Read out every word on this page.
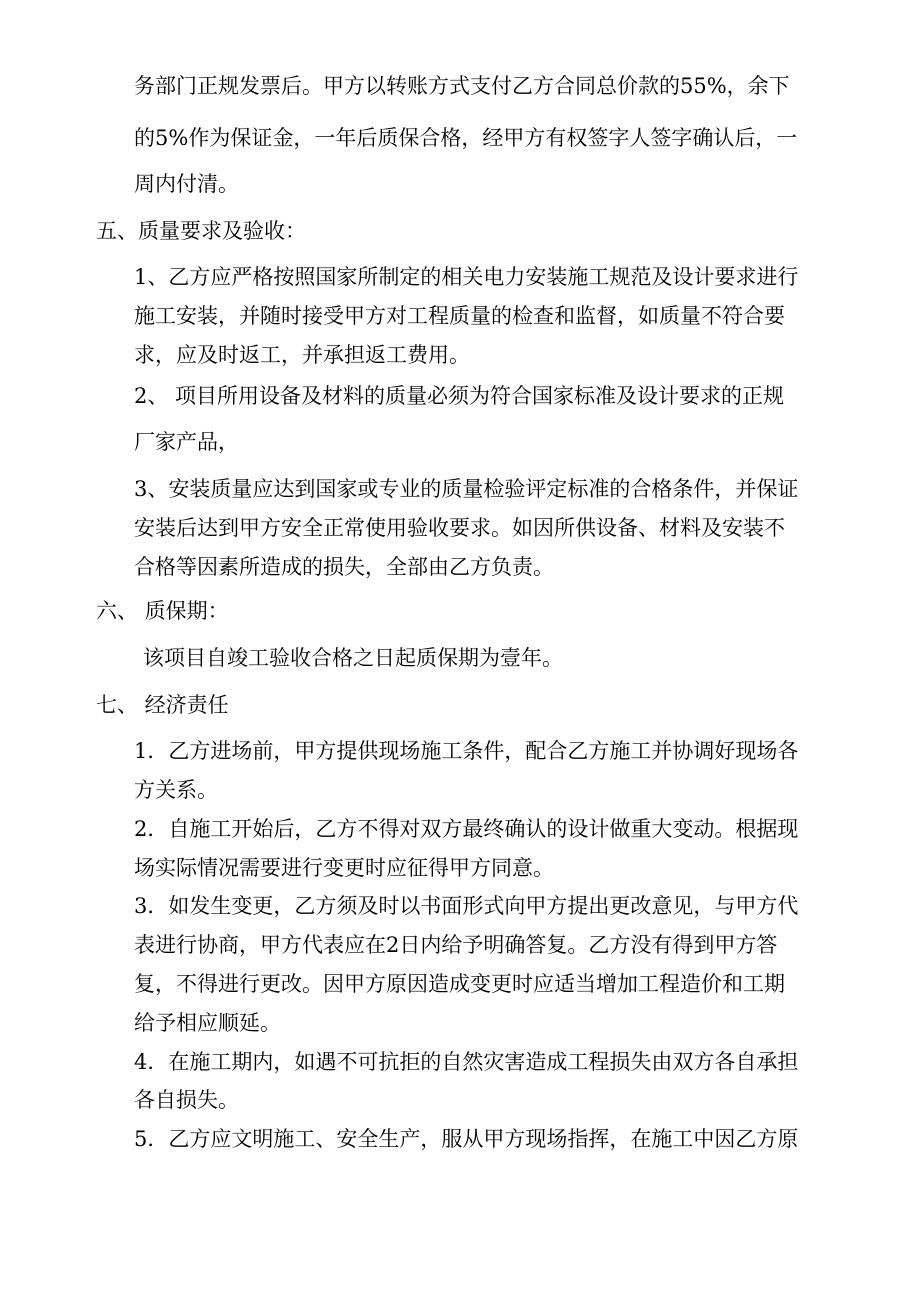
务部门正规发票后。甲方以转账方式支付乙方合同总价款的55%，余下
的5%作为保证金，一年后质保合格，经甲方有权签字人签字确认后，一
周内付清。
五、质量要求及验收：
1、乙方应严格按照国家所制定的相关电力安装施工规范及设计要求进行
施工安装，并随时接受甲方对工程质量的检查和监督，如质量不符合要
求，应及时返工，并承担返工费用。
2、 项目所用设备及材料的质量必须为符合国家标准及设计要求的正规
厂家产品，
3、安装质量应达到国家或专业的质量检验评定标准的合格条件，并保证
安装后达到甲方安全正常使用验收要求。如因所供设备、材料及安装不
合格等因素所造成的损失，全部由乙方负责。
六、 质保期：
该项目自竣工验收合格之日起质保期为壹年。
七、 经济责任
1．乙方进场前，甲方提供现场施工条件，配合乙方施工并协调好现场各
方关系。
2．自施工开始后，乙方不得对双方最终确认的设计做重大变动。根据现
场实际情况需要进行变更时应征得甲方同意。
3．如发生变更，乙方须及时以书面形式向甲方提出更改意见，与甲方代
表进行协商，甲方代表应在2日内给予明确答复。乙方没有得到甲方答
复，不得进行更改。因甲方原因造成变更时应适当增加工程造价和工期
给予相应顺延。
4．在施工期内，如遇不可抗拒的自然灾害造成工程损失由双方各自承担
各自损失。
5．乙方应文明施工、安全生产，服从甲方现场指挥，在施工中因乙方原
